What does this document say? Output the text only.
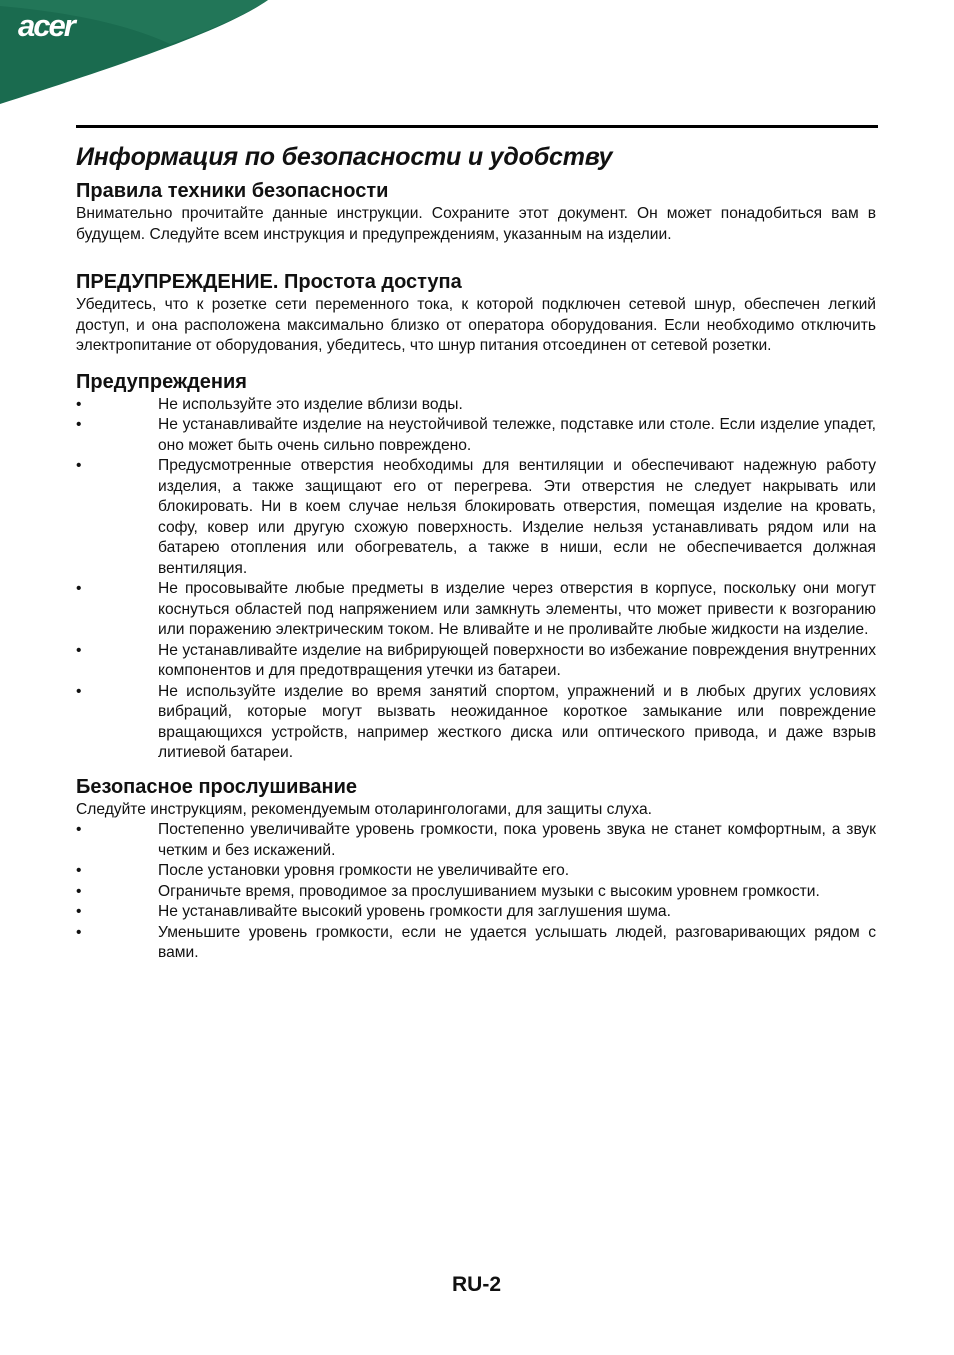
acer
Информация по безопасности и удобству
Правила техники безопасности

Внимательно прочитайте данные инструкции. Сохраните этот документ. Он может понадобиться вам в будущем. Следуйте всем инструкция и предупреждениям, указанным на изделии.

ПРЕДУПРЕЖДЕНИЕ. Простота доступа

Убедитесь, что к розетке сети переменного тока, к которой подключен сетевой шнур, обеспечен легкий доступ, и она расположена максимально близко от оператора оборудования. Если необходимо отключить электропитание от оборудования, убедитесь, что шнур питания отсоединен от сетевой розетки.

Предупреждения
•	Не используйте это изделие вблизи воды.
•	Не устанавливайте изделие на неустойчивой тележке, подставке или столе. Если изделие упадет, оно может быть очень сильно повреждено.
•	Предусмотренные отверстия необходимы для вентиляции и обеспечивают надежную работу изделия, а также защищают его от перегрева. Эти отверстия не следует накрывать или блокировать. Ни в коем случае нельзя блокировать отверстия, помещая изделие на кровать, софу, ковер или другую схожую поверхность. Изделие нельзя устанавливать рядом или на батарею отопления или обогреватель, а также в ниши, если не обеспечивается должная вентиляция.
•	Не просовывайте любые предметы в изделие через отверстия в корпусе, поскольку они могут коснуться областей под напряжением или замкнуть элементы, что может привести к возгоранию или поражению электрическим током. Не вливайте и не проливайте любые жидкости на изделие.
•	Не устанавливайте изделие на вибрирующей поверхности во избежание повреждения внутренних компонентов и для предотвращения утечки из батареи.
•	Не используйте изделие во время занятий спортом, упражнений и в любых других условиях вибраций, которые могут вызвать неожиданное короткое замыкание или повреждение вращающихся устройств, например жесткого диска или оптического привода, и даже взрыв литиевой батареи.
Безопасное прослушивание

Следуйте инструкциям, рекомендуемым отоларингологами, для защиты слуха.

•	Постепенно увеличивайте уровень громкости, пока уровень звука не станет комфортным, а звук четким и без искажений.
•	После установки уровня громкости не увеличивайте его.
•	Ограничьте время, проводимое за прослушиванием музыки с высоким уровнем громкости.
•	Не устанавливайте высокий уровень громкости для заглушения шума.
•	Уменьшите уровень громкости, если не удается услышать людей, разговаривающих рядом с вами.
RU-2
